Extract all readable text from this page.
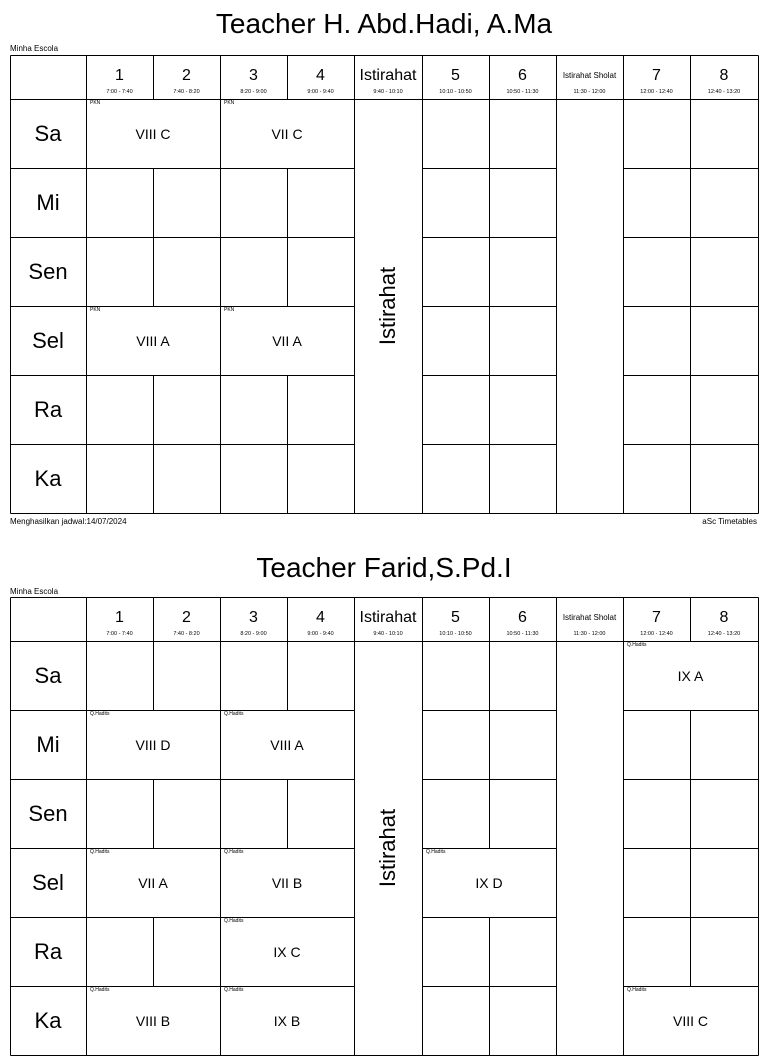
Teacher H. Abd.Hadi, A.Ma
Minha Escola
1
7:00 - 7:40
2
7:40 - 8:20
3
8:20 - 9:00
4
9:00 - 9:40
Istirahat
9:40 - 10:10
5
10:10 - 10:50
6
10:50 - 11:30
Istirahat Sholat
11:30 - 12:00
7
12:00 - 12:40
8
12:40 - 13:20
Sa
Mi
Sen
Sel
Ra
Ka
Istirahat
PKN
VIII C
PKN
VII C
PKN
VIII A
PKN
VII A
Menghasilkan jadwal:14/07/2024	aSc Timetables
Teacher Farid,S.Pd.I
Minha Escola
1
7:00 - 7:40
2
7:40 - 8:20
3
8:20 - 9:00
4
9:00 - 9:40
Istirahat
9:40 - 10:10
5
10:10 - 10:50
6
10:50 - 11:30
Istirahat Sholat
11:30 - 12:00
7
12:00 - 12:40
8
12:40 - 13:20
Sa
Mi
Sen
Sel
Ra
Ka
Istirahat
Q.Hadits
IX A
Q.Hadits
VIII D
Q.Hadits
VIII A
Q.Hadits
VII A
Q.Hadits
VII B
Q.Hadits
IX D
Q.Hadits
IX C
Q.Hadits
VIII B
Q.Hadits
IX B
Q.Hadits
VIII C
